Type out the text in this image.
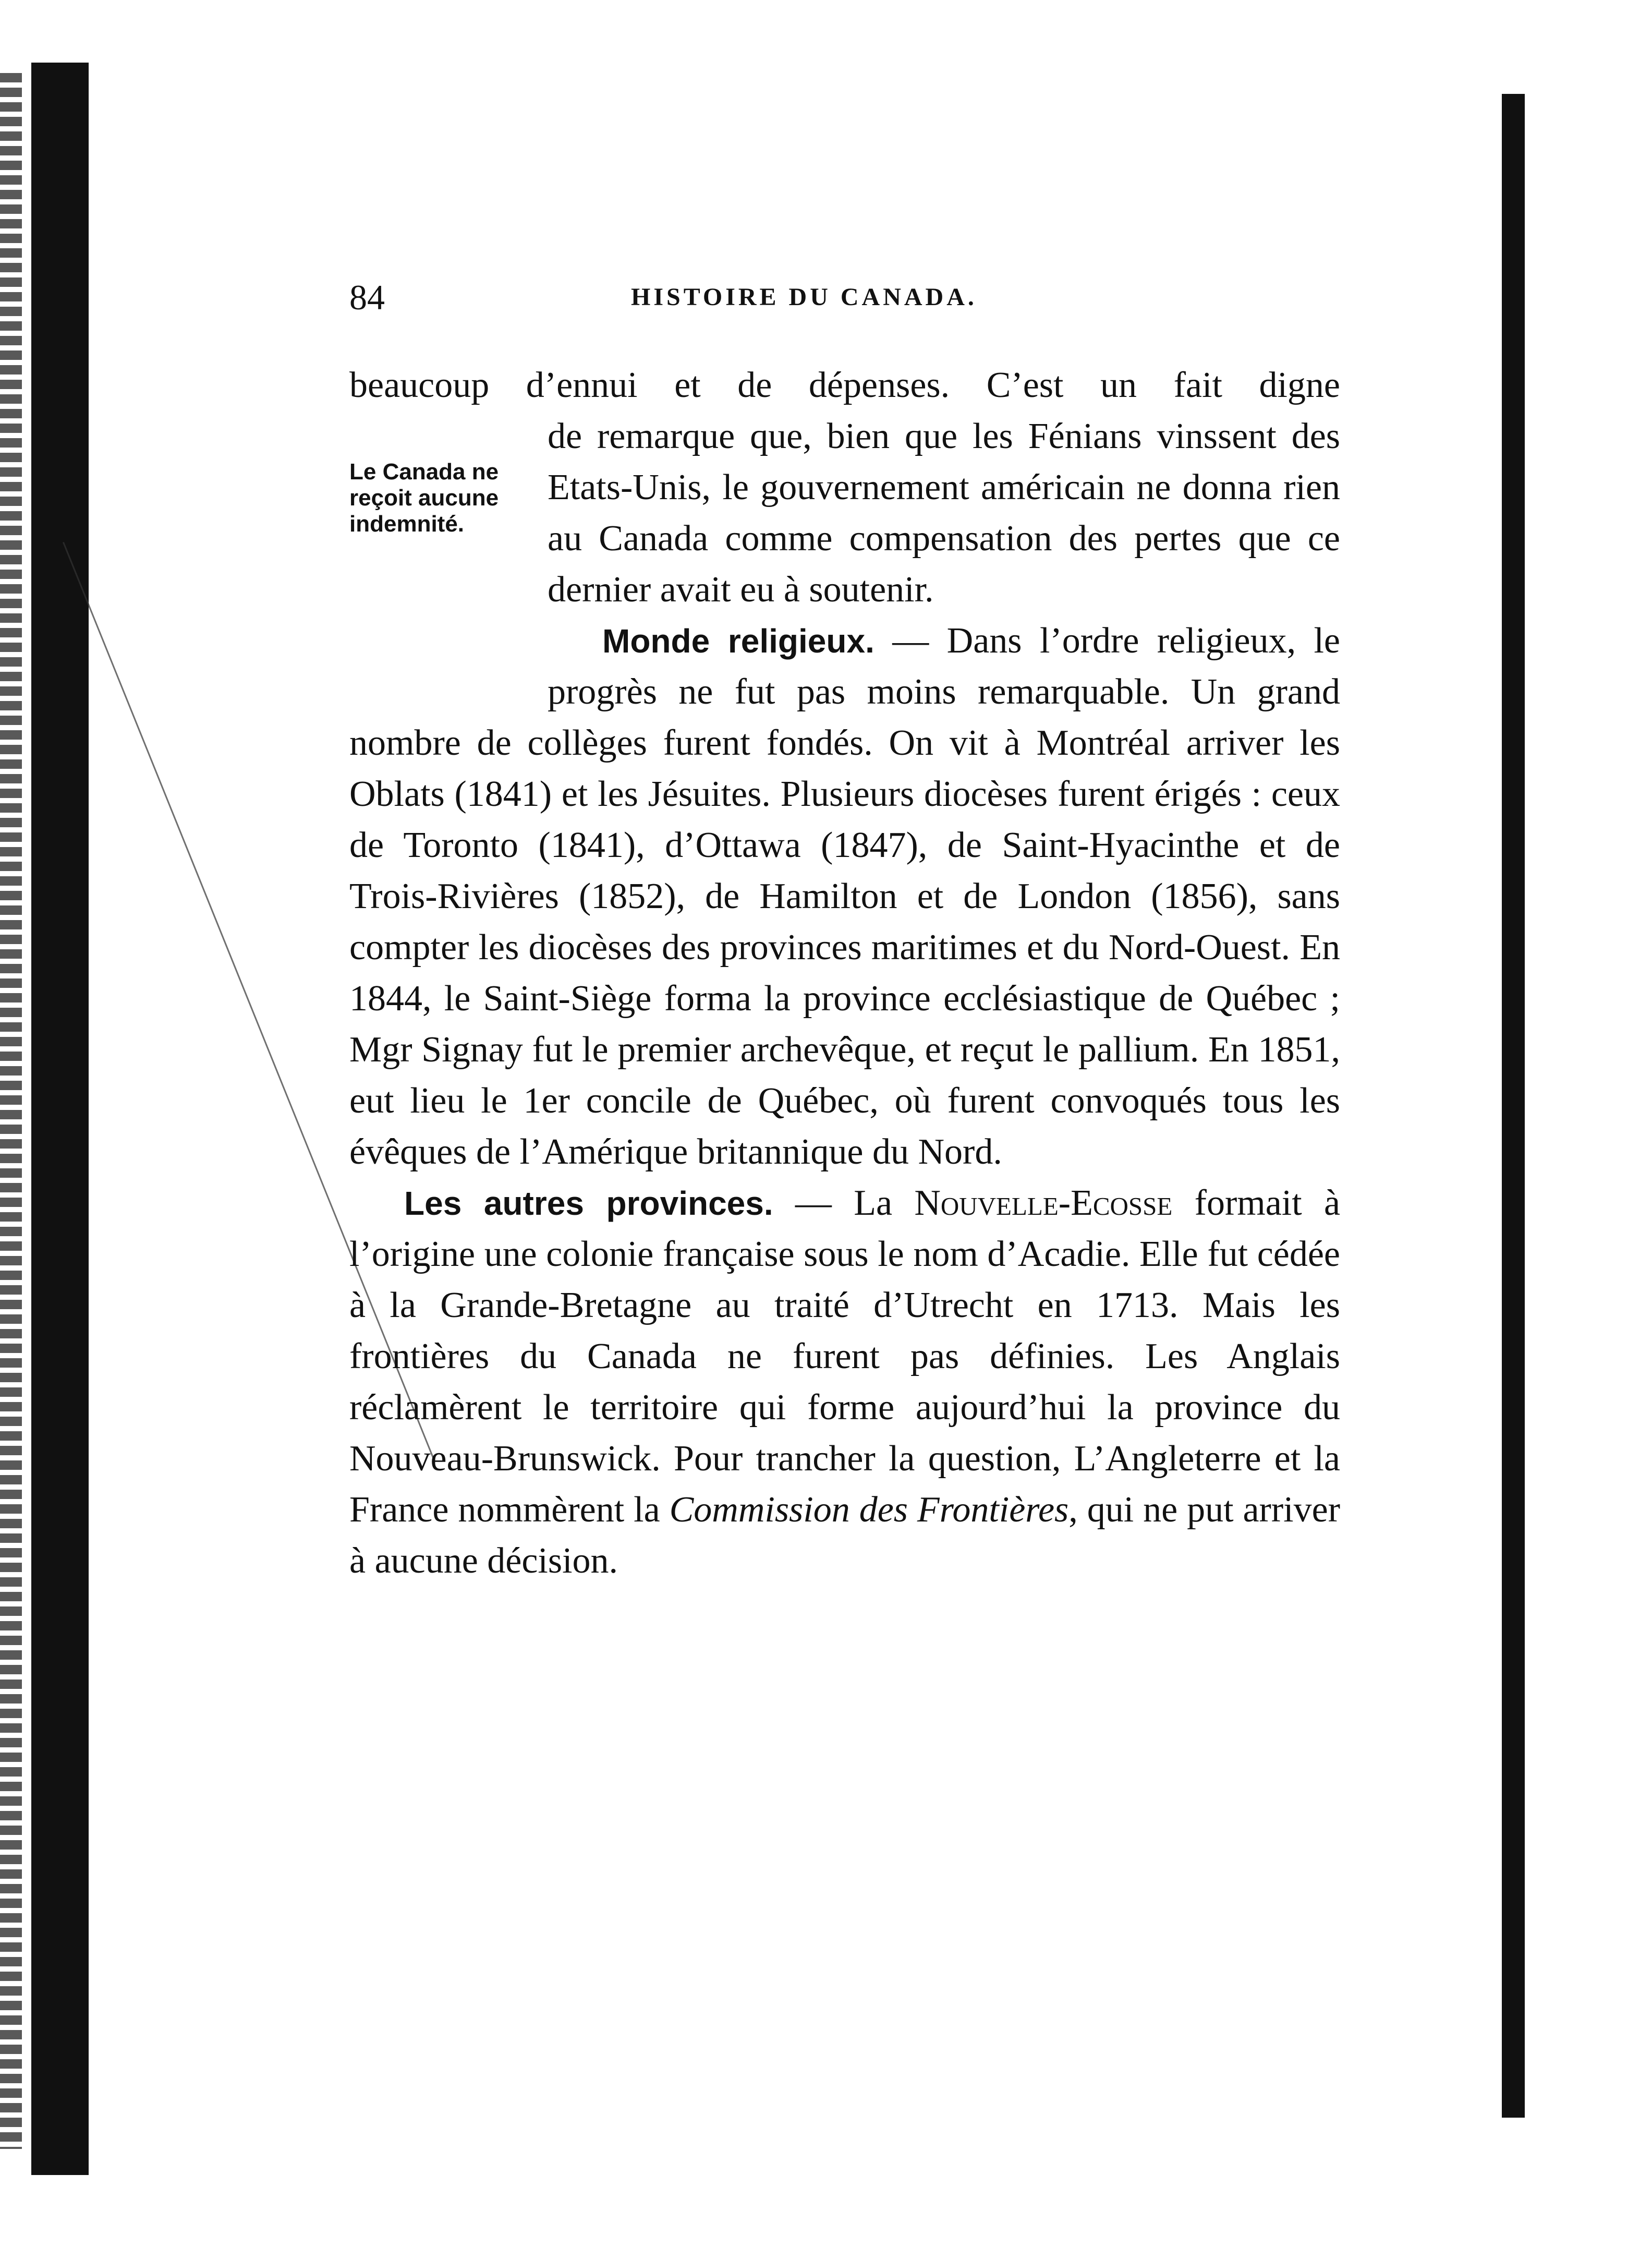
84	HISTOIRE DU CANADA.
Le Canada ne reçoit aucune indemnité.

beaucoup d’ennui et de dépenses. C’est un fait digne
de remarque que, bien que les Fénians vinssent des Etats-Unis, le gouvernement américain ne donna rien au Canada comme compensation des pertes que ce dernier avait eu à soutenir.

Monde religieux. — Dans l’ordre religieux, le progrès ne fut pas moins remarquable. Un grand nombre de collèges furent fondés. On vit à Montréal arriver les Oblats (1841) et les Jésuites. Plusieurs diocèses furent érigés : ceux de Toronto (1841), d’Ottawa (1847), de Saint-Hyacinthe et de Trois-Rivières (1852), de Hamilton et de London (1856), sans compter les diocèses des provinces maritimes et du Nord-Ouest. En 1844, le Saint-Siège forma la province ecclésiastique de Québec ; Mgr Signay fut le premier archevêque, et reçut le pallium. En 1851, eut lieu le 1er concile de Québec, où furent convoqués tous les évêques de l’Amérique britannique du Nord.

Les autres provinces. — La Nouvelle-Ecosse formait à l’origine une colonie française sous le nom d’Acadie. Elle fut cédée à la Grande-Bretagne au traité d’Utrecht en 1713. Mais les frontières du Canada ne furent pas définies. Les Anglais réclamèrent le territoire qui forme aujourd’hui la province du Nouveau-Brunswick. Pour trancher la question, L’Angleterre et la France nommèrent la Commission des Frontières, qui ne put arriver à aucune décision.
